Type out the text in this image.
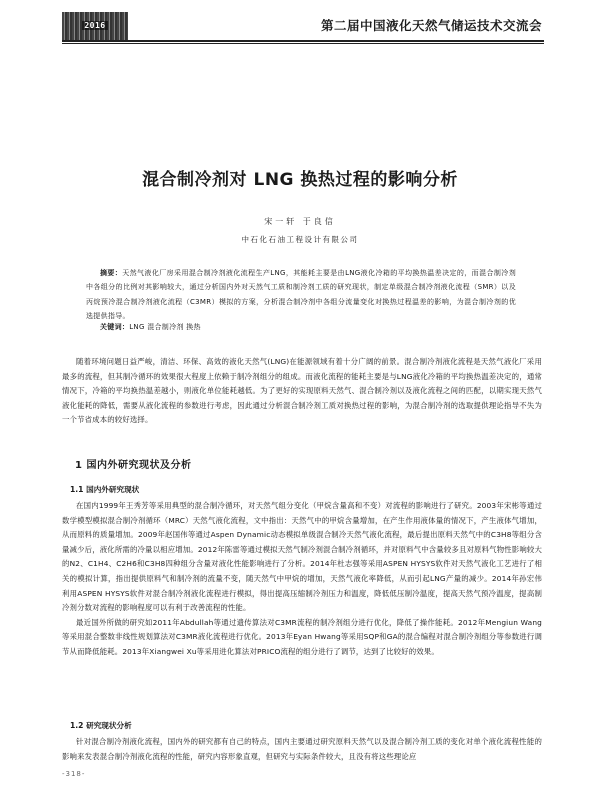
2016	第二届中国液化天然气储运技术交流会
混合制冷剂对 LNG 换热过程的影响分析
宋一轩 于良信
中石化石油工程设计有限公司
摘要：天然气液化厂房采用混合制冷剂液化流程生产LNG，其能耗主要是由LNG液化冷箱的平均换热温差决定的，而混合制冷剂中各组分的比例对其影响较大，通过分析国内外对天然气工质和制冷剂工质的研究现状，制定单级混合制冷剂液化流程（SMR）以及丙烷预冷混合制冷剂液化流程（C3MR）模拟的方案，分析混合制冷剂中各组分流量变化对换热过程温差的影响，为混合制冷剂的优选提供指导。
关键词：LNG 混合制冷剂 换热

随着环境问题日益严峻，清洁、环保、高效的液化天然气(LNG)在能源领域有着十分广阔的前景。混合制冷剂液化流程是天然气液化厂采用最多的流程，但其制冷循环的效果很大程度上依赖于制冷剂组分的组成。而液化流程的能耗主要是与LNG液化冷箱的平均换热温差决定的，通常情况下，冷箱的平均换热温差越小，则液化单位能耗越低。为了更好的实现原料天然气、混合制冷剂以及液化流程之间的匹配，以期实现天然气液化能耗的降低，需要从液化流程的参数进行考虑，因此通过分析混合制冷剂工质对换热过程的影响，为混合制冷剂的选取提供理论指导不失为一个节省成本的较好选择。

1 国内外研究现状及分析
1.1 国内外研究现状

在国内1999年王秀芳等采用典型的混合制冷循环，对天然气组分变化（甲烷含量高和不变）对流程的影响进行了研究。2003年宋彬等通过数学模型模拟混合制冷剂循环（MRC）天然气液化流程，文中指出：天然气中的甲烷含量增加，在产生作用液体量的情况下，产生液体气增加，从而原料的质量增加。2009年赵国伟等通过Aspen Dynamic动态模拟单级混合制冷天然气液化流程，最后提出原料天然气中的C3H8等组分含量减少后，液化所需的冷量以相应增加。2012年陈雷等通过模拟天然气制冷剂混合制冷剂循环，并对原料气中含量较多且对原料气物性影响较大的N2、C1H4、C2H6和C3H8四种组分含量对液化性能影响进行了分析。2014年杜志强等采用ASPEN HYSYS软件对天然气液化工艺进行了相关的模拟计算，指出提供原料气和制冷剂的流量不变，随天然气中甲烷的增加，天然气液化率降低，从而引起LNG产量的减少。2014年孙宏伟利用ASPEN HYSYS软件对混合制冷剂液化流程进行模拟，得出提高压缩制冷剂压力和温度，降低低压制冷温度，提高天然气预冷温度，提高制冷剂分数对流程的影响程度可以有利于改善流程的性能。

最近国外所做的研究如2011年Abdullah等通过遗传算法对C3MR流程的制冷剂组分进行优化，降低了操作能耗。2012年Mengiun Wang等采用混合整数非线性规划算法对C3MR液化流程进行优化。2013年Eyan Hwang等采用SQP和GA的混合编程对混合制冷剂组分等参数进行调节从而降低能耗。2013年Xiangwei Xu等采用进化算法对PRICO流程的组分进行了调节，达到了比较好的效果。

1.2 研究现状分析

针对混合制冷剂液化流程，国内外的研究都有自己的特点，国内主要通过研究原料天然气以及混合制冷剂工质的变化对单个液化流程性能的影响来发表混合制冷剂液化流程的性能，研究内容形象直观，但研究与实际条件较大，且没有将这些理论应

-318-
